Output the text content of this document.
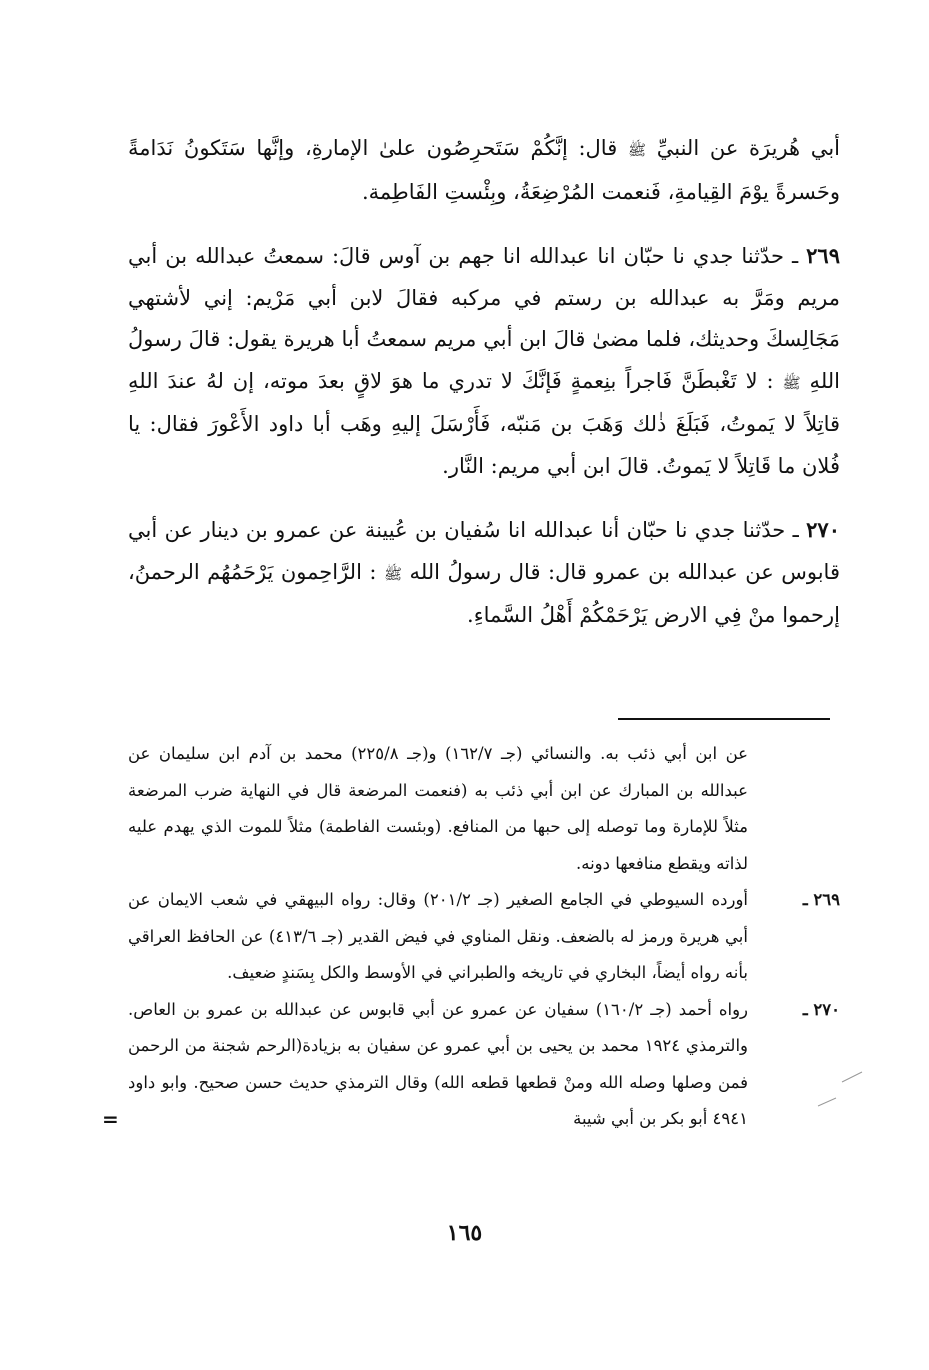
أبي هُريرَة عن النبيِّ ﷺ قال: إنَّكُمْ سَتَحرِصُون علىٰ الإمارةِ، وإنَّها سَتَكونُ نَدَامةً وحَسرةً يوْمَ القِيامةِ، فَنعمت المُرْضِعَةُ، وبِئْستِ الفَاطِمة.

٢٦٩ ـ حدّثنا جدي نا حبّان انا عبدالله انا جهم بن آوس قالَ: سمعتُ عبدالله بن أبي مريم ومَرَّ به عبدالله بن رستم في مركبه فقالَ لابن أبي مَرْيم: إني لأشتهي مَجَالِسكَ وحديثك، فلما مضىٰ قالَ ابن أبي مريم سمعتُ أبا هريرة يقول: قالَ رسولُ اللهِ ﷺ : لا تَغْبطَنَّ فَاجراً بنِعمةٍ فَإنَّكَ لا تدري ما هوَ لاقٍ بعدَ موته، إن لهُ عندَ اللهِ قاتِلاً لا يَموتُ، فَبَلَغَ ذٰلك وَهَبَ بن مَنبّه، فَأَرْسَلَ إليهِ وهَب أبا داود الأَعْورَ فقال: يا فُلان ما قَاتِلاً لا يَموتُ. قالَ ابن أبي مريم: النَّار.

٢٧٠ ـ حدّثنا جدي نا حبّان أنا عبدالله انا سُفيان بن عُيينة عن عمرو بن دينار عن أبي قابوس عن عبدالله بن عمرو قال: قال رسولُ الله ﷺ : الرَّاحِمون يَرْحَمُهُم الرحمنُ، إرحموا منْ فِي الارض يَرْحَمْكُمْ أَهْلُ السَّماءِ.

عن ابن أبي ذئب به. والنسائي (جـ ١٦٢/٧) و(جـ ٢٢٥/٨) محمد بن آدم ابن سليمان عن عبدالله بن المبارك عن ابن أبي ذئب به (فنعمت المرضعة قال في النهاية ضرب المرضعة مثلاً للإمارة وما توصله إلى حبها من المنافع. (وبئست الفاطمة) مثلاً للموت الذي يهدم عليه لذاته ويقطع منافعها دونه.
٢٦٩ ـ
أورده السيوطي في الجامع الصغير (جـ ٢٠١/٢) وقال: رواه البيهقي في شعب الايمان عن أبي هريرة ورمز له بالضعف. ونقل المناوي في فيض القدير (جـ ٤١٣/٦) عن الحافظ العراقي بأنه رواه أيضاً، البخاري في تاريخه والطبراني في الأوسط والكل بِسَندٍ ضعيف.
٢٧٠ ـ
رواه أحمد (جـ ١٦٠/٢) سفيان عن عمرو عن أبي قابوس عن عبدالله بن عمرو بن العاص. والترمذي ١٩٢٤ محمد بن يحيى بن أبي عمرو عن سفيان به بزيادة(الرحم شجنة من الرحمن فمن وصلها وصله الله ومنْ قطعها قطعه الله) وقال الترمذي حديث حسن صحيح. وابو داود ٤٩٤١ أبو بكر بن أبي شيبة
=
١٦٥
